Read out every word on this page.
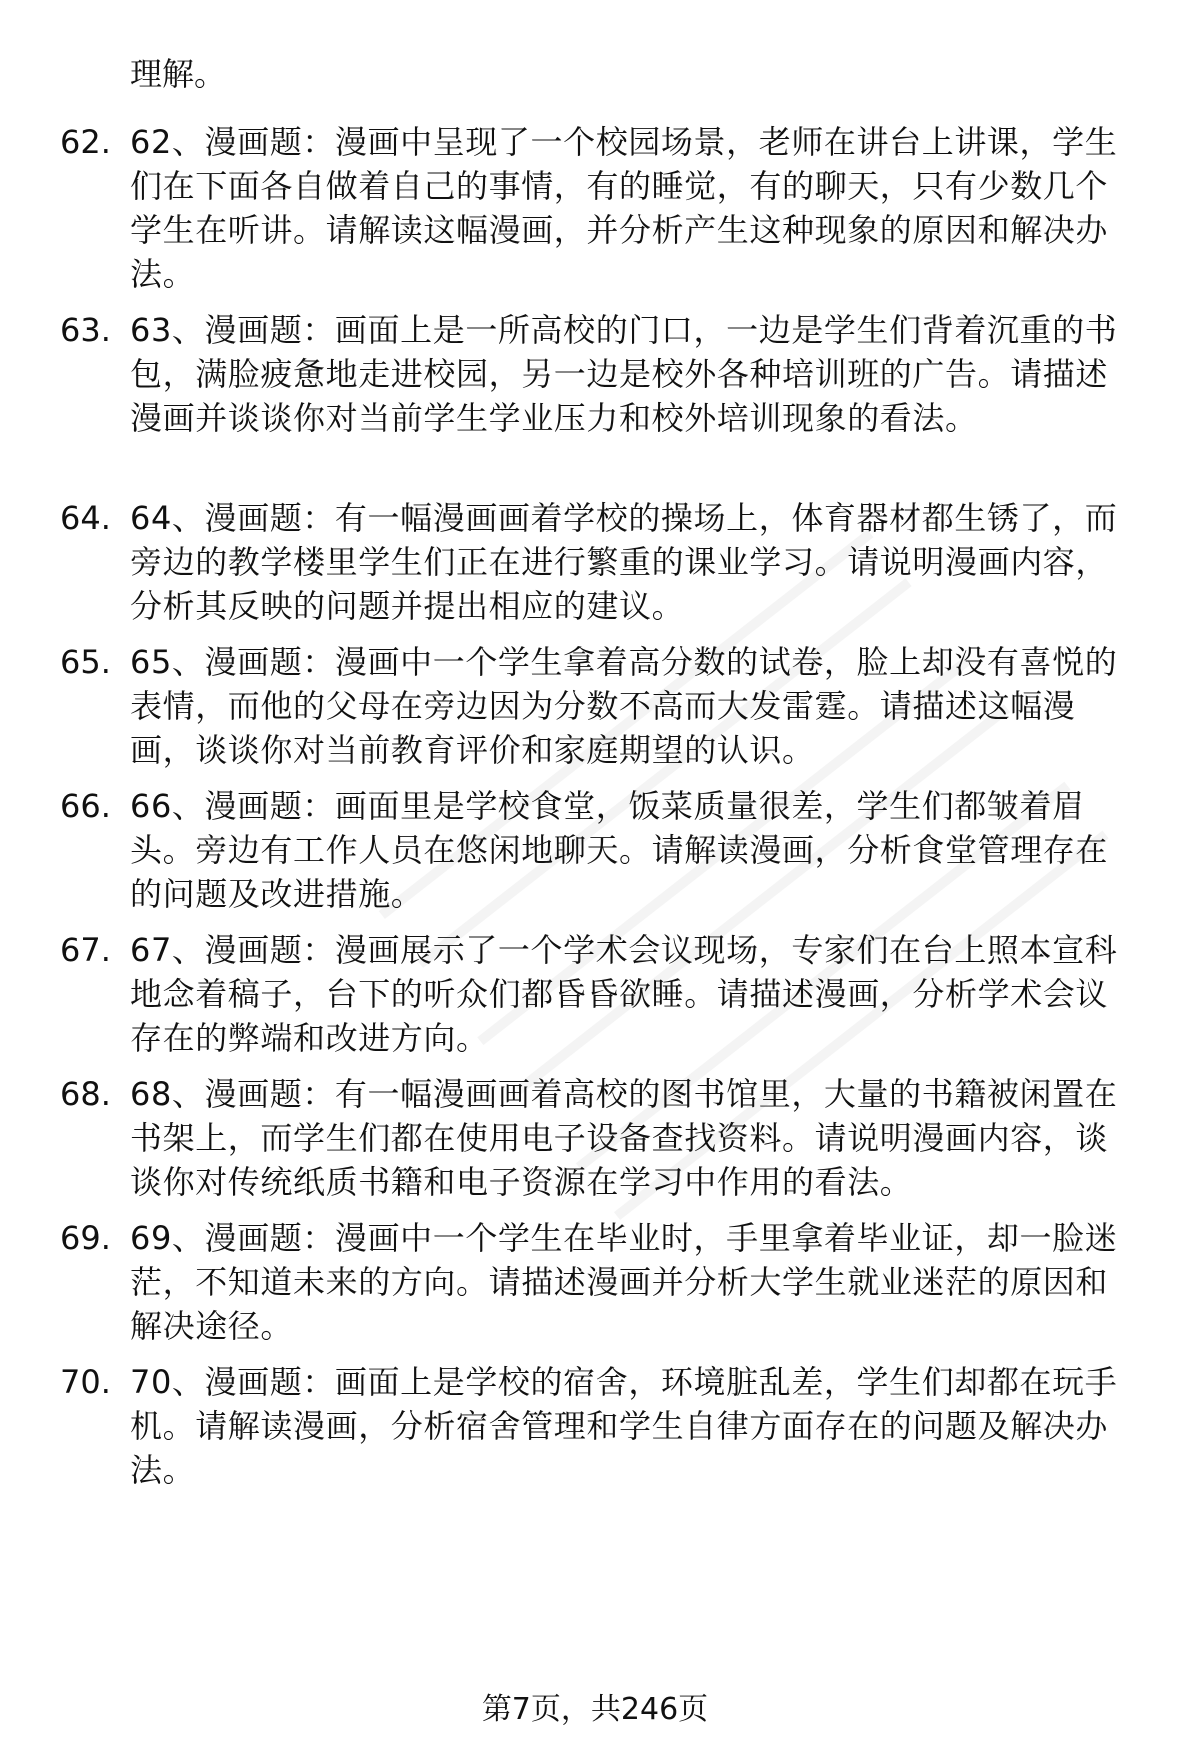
理解。
62. 62、漫画题：漫画中呈现了一个校园场景，老师在讲台上讲课，学生们在下面各自做着自己的事情，有的睡觉，有的聊天，只有少数几个学生在听讲。请解读这幅漫画，并分析产生这种现象的原因和解决办法。
63. 63、漫画题：画面上是一所高校的门口，一边是学生们背着沉重的书包，满脸疲惫地走进校园，另一边是校外各种培训班的广告。请描述漫画并谈谈你对当前学生学业压力和校外培训现象的看法。
64. 64、漫画题：有一幅漫画画着学校的操场上，体育器材都生锈了，而旁边的教学楼里学生们正在进行繁重的课业学习。请说明漫画内容，分析其反映的问题并提出相应的建议。
65. 65、漫画题：漫画中一个学生拿着高分数的试卷，脸上却没有喜悦的表情，而他的父母在旁边因为分数不高而大发雷霆。请描述这幅漫画，谈谈你对当前教育评价和家庭期望的认识。
66. 66、漫画题：画面里是学校食堂，饭菜质量很差，学生们都皱着眉头。旁边有工作人员在悠闲地聊天。请解读漫画，分析食堂管理存在的问题及改进措施。
67. 67、漫画题：漫画展示了一个学术会议现场，专家们在台上照本宣科地念着稿子，台下的听众们都昏昏欲睡。请描述漫画，分析学术会议存在的弊端和改进方向。
68. 68、漫画题：有一幅漫画画着高校的图书馆里，大量的书籍被闲置在书架上，而学生们都在使用电子设备查找资料。请说明漫画内容，谈谈你对传统纸质书籍和电子资源在学习中作用的看法。
69. 69、漫画题：漫画中一个学生在毕业时，手里拿着毕业证，却一脸迷茫，不知道未来的方向。请描述漫画并分析大学生就业迷茫的原因和解决途径。
70. 70、漫画题：画面上是学校的宿舍，环境脏乱差，学生们却都在玩手机。请解读漫画，分析宿舍管理和学生自律方面存在的问题及解决办法。
第7页，共246页
